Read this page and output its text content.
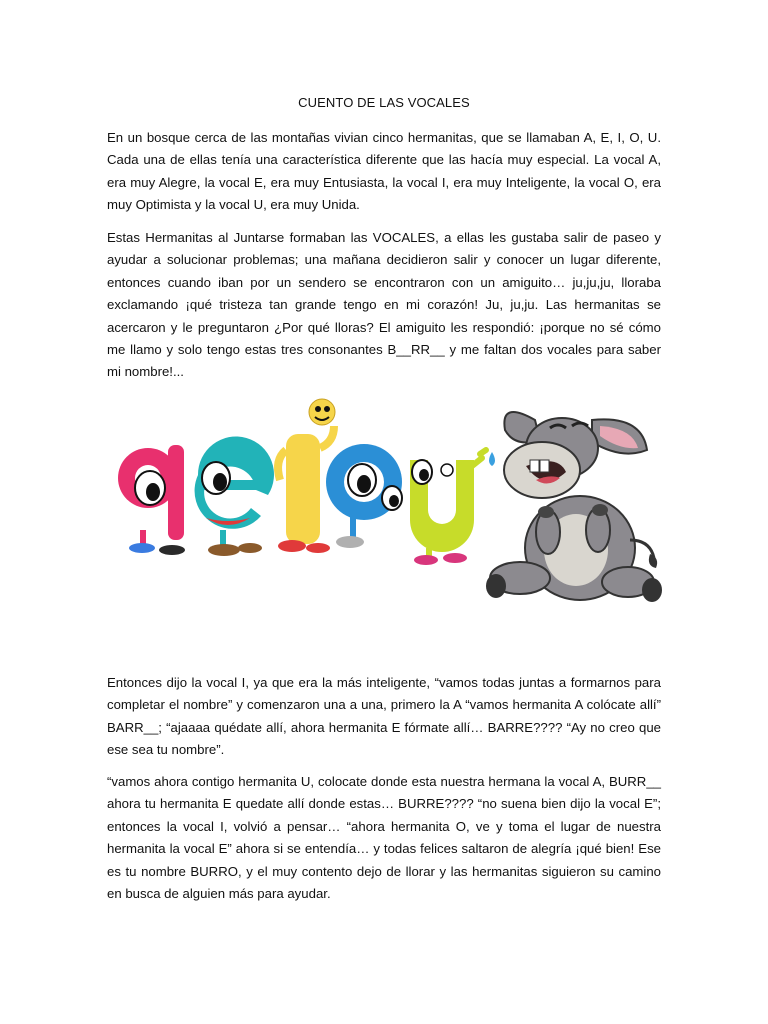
CUENTO DE LAS VOCALES

En un bosque cerca de las montañas vivian cinco hermanitas, que se llamaban A, E, I, O, U. Cada una de ellas tenía una característica diferente que las hacía muy especial. La vocal A, era muy Alegre, la vocal E, era muy Entusiasta, la vocal I, era muy Inteligente, la vocal O, era muy Optimista y la vocal U, era muy Unida.

Estas Hermanitas al Juntarse formaban las VOCALES, a ellas les gustaba salir de paseo y ayudar a solucionar problemas; una mañana decidieron salir y conocer un lugar diferente, entonces cuando iban por un sendero se encontraron con un amiguito… ju,ju,ju, lloraba exclamando ¡qué tristeza tan grande tengo en mi corazón! Ju, ju,ju. Las hermanitas se acercaron y le preguntaron ¿Por qué lloras? El amiguito les respondió: ¡porque no sé cómo me llamo y solo tengo estas tres consonantes B__RR__ y me faltan dos vocales para saber mi nombre!...

Entonces dijo la vocal I, ya que era la más inteligente, “vamos todas juntas a formarnos para completar el nombre” y comenzaron una a una, primero la A “vamos hermanita A colócate allí” BARR__; “ajaaaa quédate allí, ahora hermanita E fórmate allí… BARRE???? “Ay no creo que ese sea tu nombre”.

“vamos ahora contigo hermanita U, colocate donde esta nuestra hermana la vocal A, BURR__ ahora tu hermanita E quedate allí donde estas… BURRE???? “no suena bien dijo la vocal E”; entonces la vocal I, volvió a pensar… “ahora hermanita O, ve y toma el lugar de nuestra hermanita la vocal E” ahora si se entendía… y todas felices saltaron de alegría ¡qué bien! Ese es tu nombre BURRO, y el muy contento dejo de llorar y las hermanitas siguieron su camino en busca de alguien más para ayudar.
